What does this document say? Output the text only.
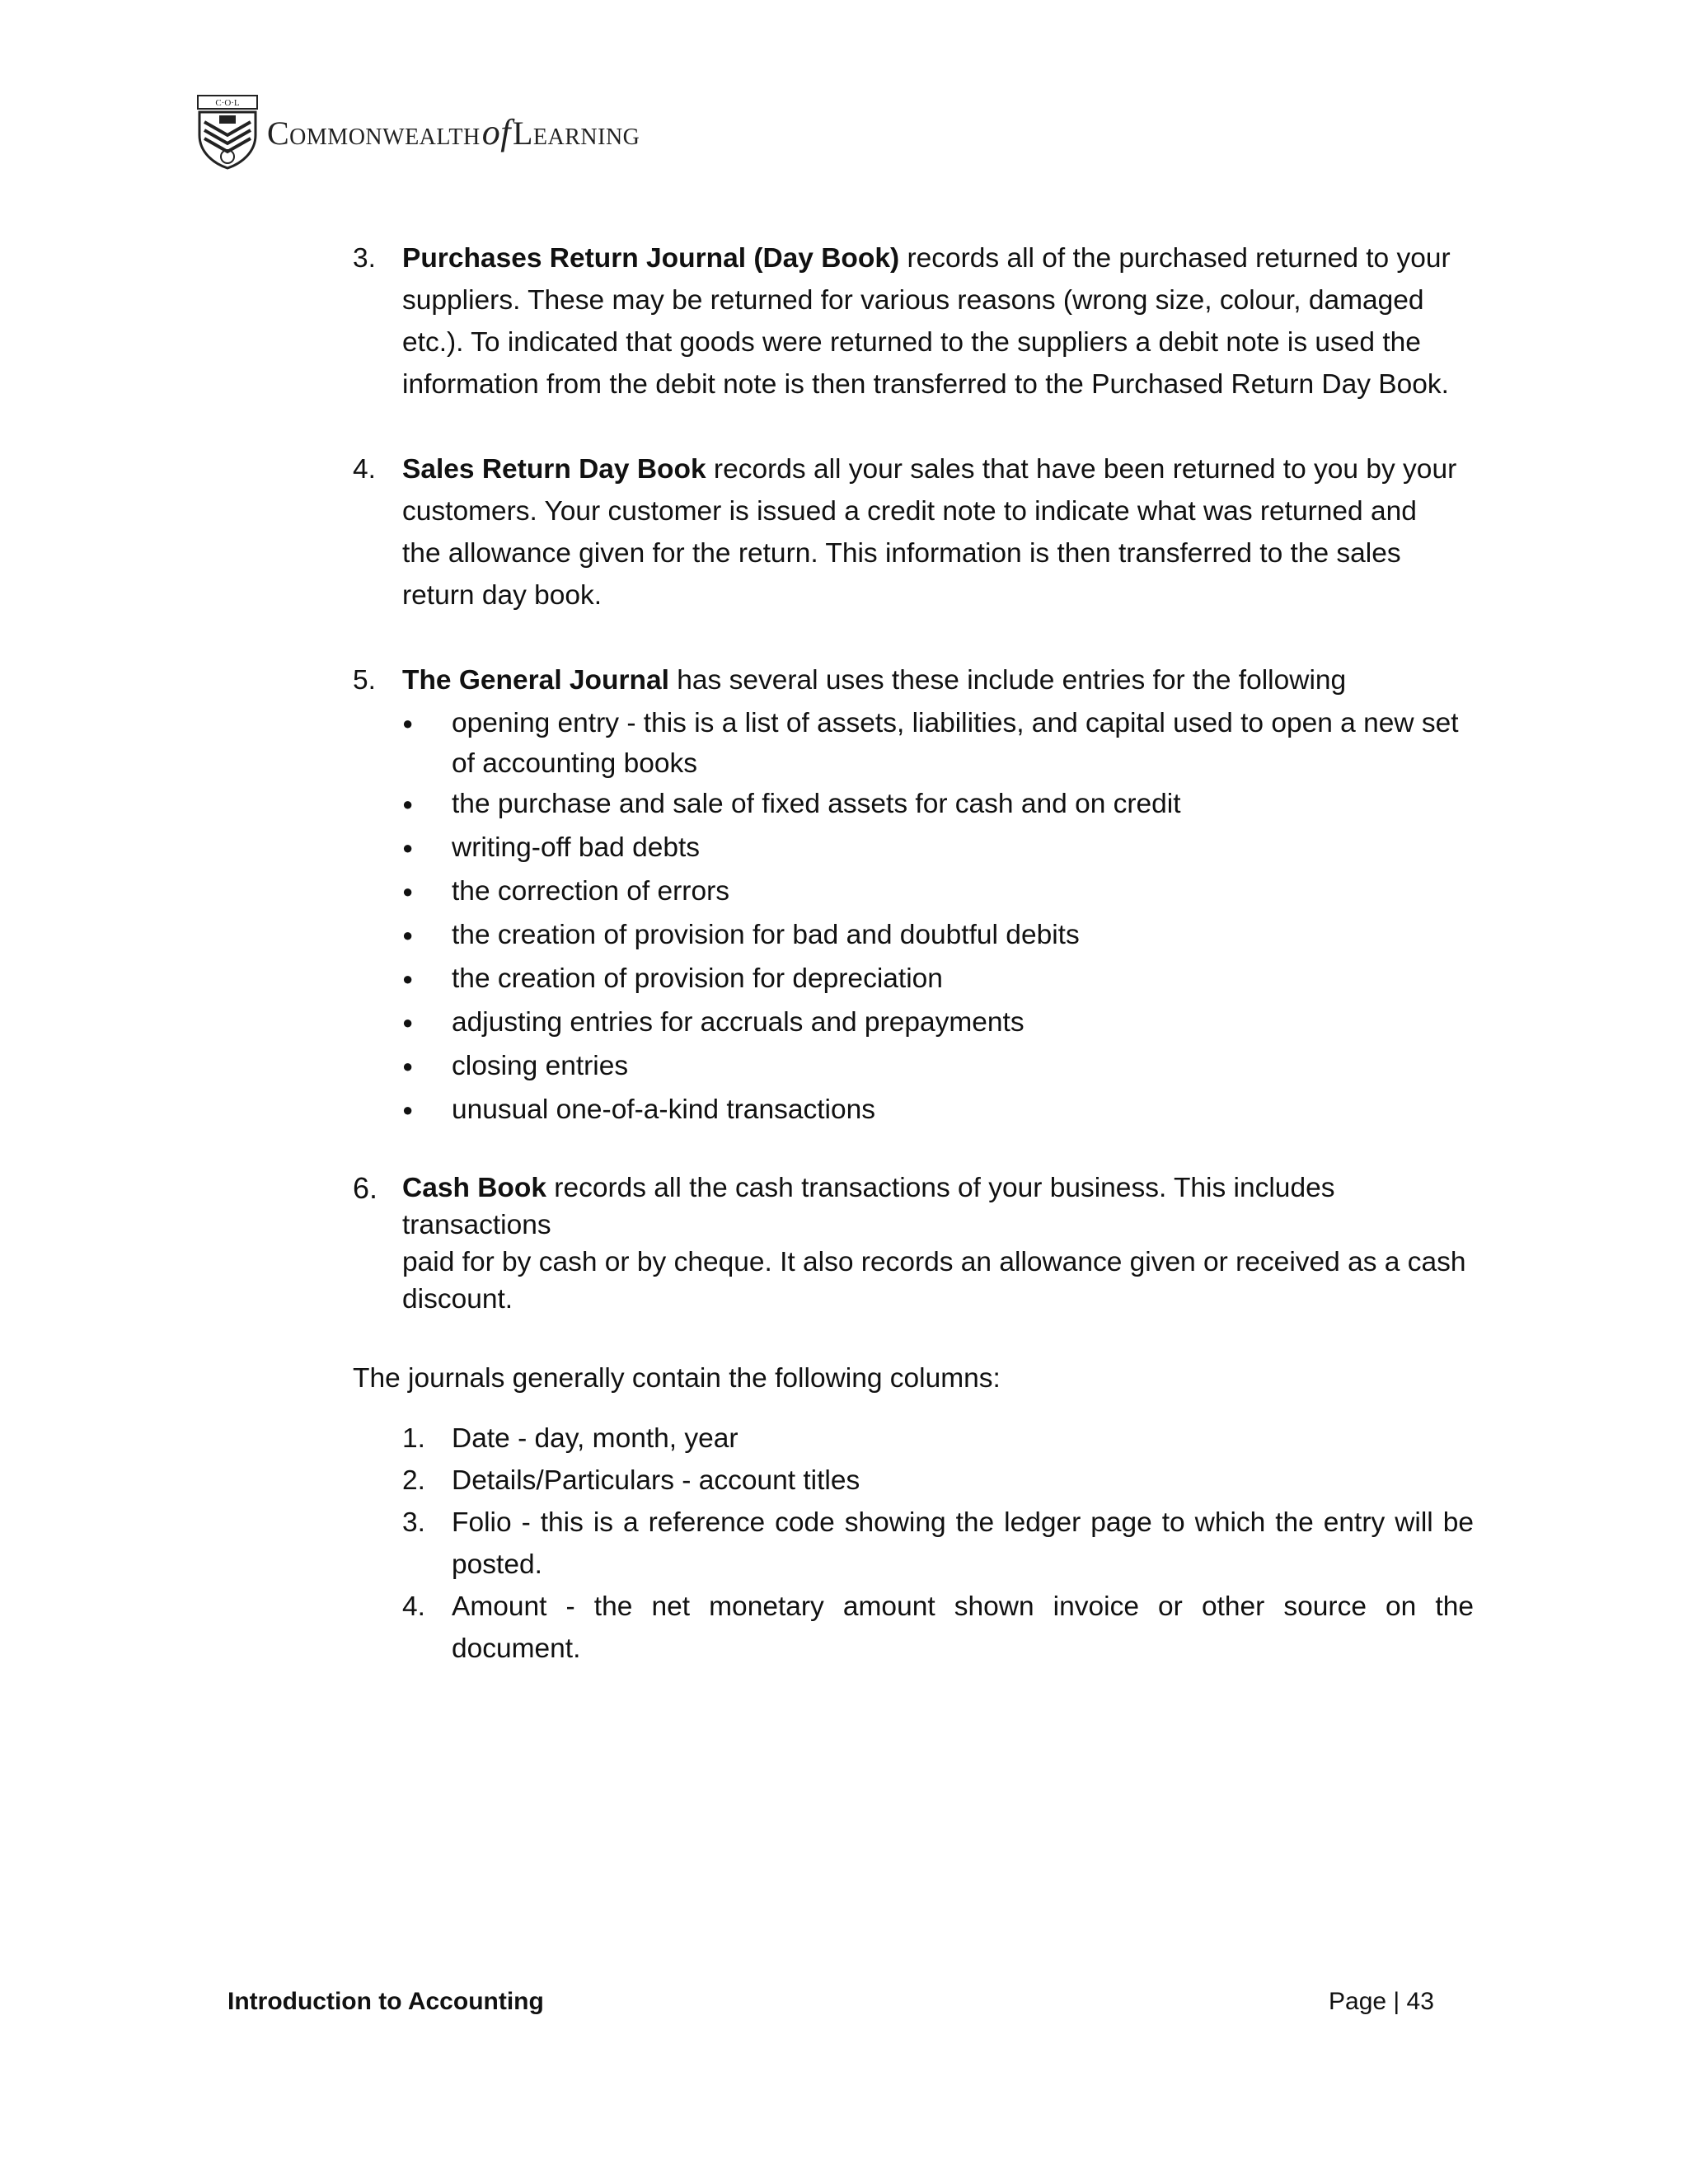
C·O·L
CommonwealthofLearning
3. Purchases Return Journal (Day Book) records all of the purchased returned to your
suppliers. These may be returned for various reasons (wrong size, colour, damaged
etc.). To indicated that goods were returned to the suppliers a debit note is used the
information from the debit note is then transferred to the Purchased Return Day Book.
4. Sales Return Day Book records all your sales that have been returned to you by your
customers. Your customer is issued a credit note to indicate what was returned and
the allowance given for the return. This information is then transferred to the sales
return day book.
5. The General Journal has several uses these include entries for the following
●	opening entry - this is a list of assets, liabilities, and capital used to open a new set
of accounting books
●	the purchase and sale of fixed assets for cash and on credit
●	writing-off bad debts
●	the correction of errors
●	the creation of provision for bad and doubtful debits
●	the creation of provision for depreciation
●	adjusting entries for accruals and prepayments
●	closing entries
●	unusual one-of-a-kind transactions
6. Cash Book records all the cash transactions of your business. This includes transactions
paid for by cash or by cheque. It also records an allowance given or received as a cash
discount.
The journals generally contain the following columns:
1. Date - day, month, year
2. Details/Particulars - account titles
3. Folio - this is a reference code showing the ledger page to which the entry will be
posted.
4. Amount - the net monetary amount shown invoice or other source on the
document.
Introduction to Accounting	Page | 43
